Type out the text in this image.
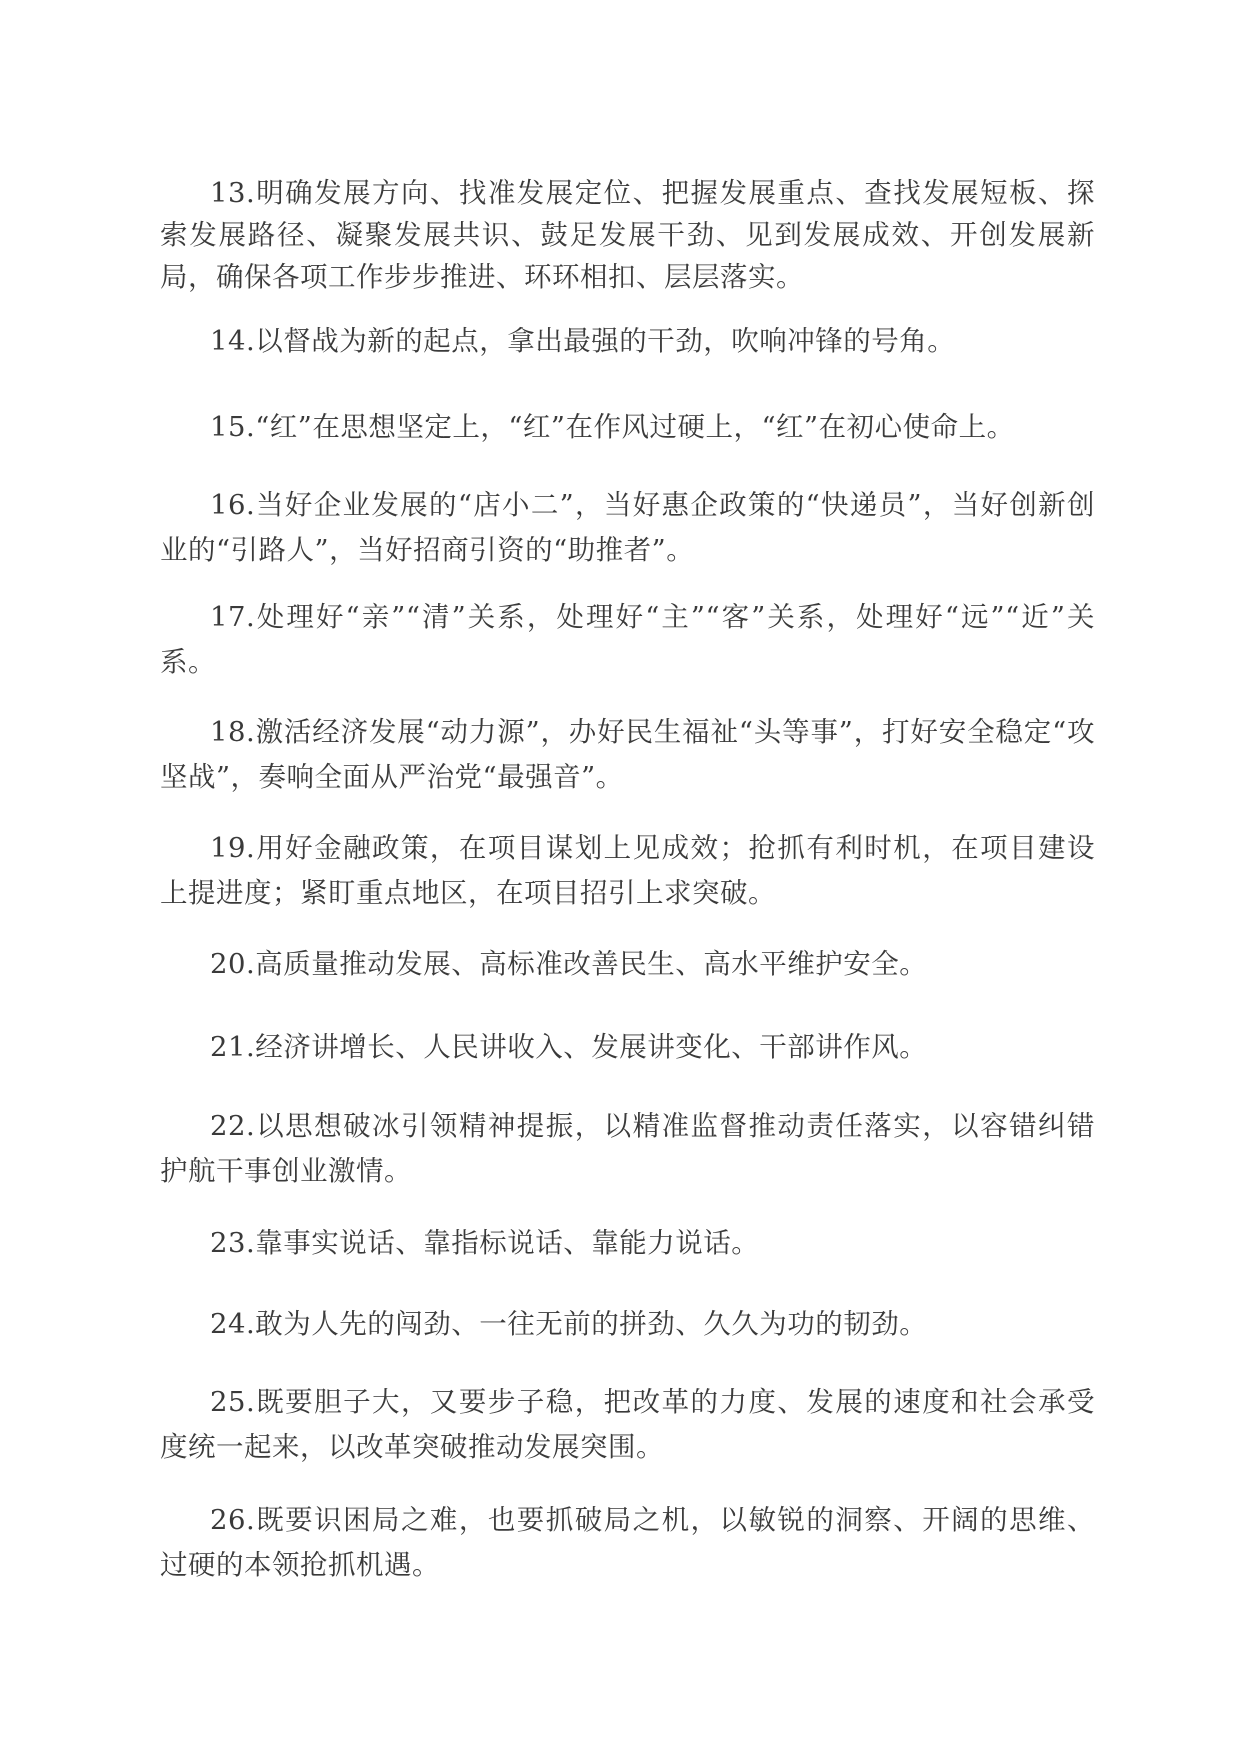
13.明确发展方向、找准发展定位、把握发展重点、查找发展短板、探索发展路径、凝聚发展共识、鼓足发展干劲、见到发展成效、开创发展新局，确保各项工作步步推进、环环相扣、层层落实。

14.以督战为新的起点，拿出最强的干劲，吹响冲锋的号角。

15.“红”在思想坚定上，“红”在作风过硬上，“红”在初心使命上。

16.当好企业发展的“店小二”，当好惠企政策的“快递员”，当好创新创业的“引路人”，当好招商引资的“助推者”。

17.处理好“亲”“清”关系，处理好“主”“客”关系，处理好“远”“近”关系。

18.激活经济发展“动力源”，办好民生福祉“头等事”，打好安全稳定“攻坚战”，奏响全面从严治党“最强音”。

19.用好金融政策，在项目谋划上见成效；抢抓有利时机，在项目建设上提进度；紧盯重点地区，在项目招引上求突破。

20.高质量推动发展、高标准改善民生、高水平维护安全。

21.经济讲增长、人民讲收入、发展讲变化、干部讲作风。

22.以思想破冰引领精神提振，以精准监督推动责任落实，以容错纠错护航干事创业激情。

23.靠事实说话、靠指标说话、靠能力说话。

24.敢为人先的闯劲、一往无前的拼劲、久久为功的韧劲。

25.既要胆子大，又要步子稳，把改革的力度、发展的速度和社会承受度统一起来，以改革突破推动发展突围。

26.既要识困局之难，也要抓破局之机，以敏锐的洞察、开阔的思维、过硬的本领抢抓机遇。
